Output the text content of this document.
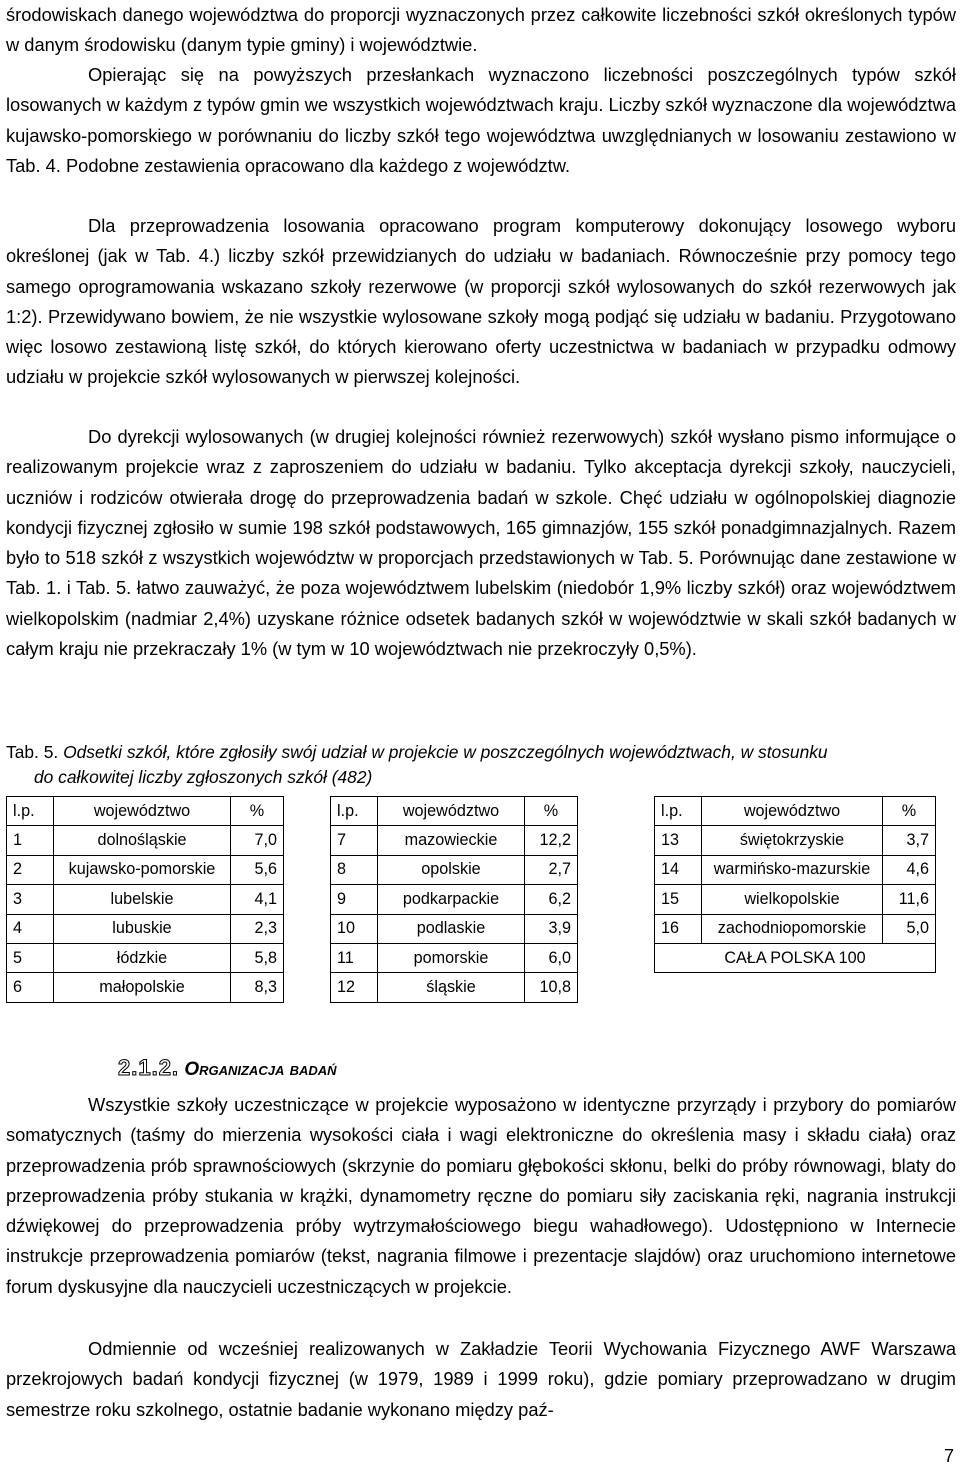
środowiskach danego województwa do proporcji wyznaczonych przez całkowite liczebności szkół określonych typów w danym środowisku (danym typie gminy) i województwie.

Opierając się na powyższych przesłankach wyznaczono liczebności poszczególnych typów szkół losowanych w każdym z typów gmin we wszystkich województwach kraju. Liczby szkół wyznaczone dla województwa kujawsko-pomorskiego w porównaniu do liczby szkół tego województwa uwzględnianych w losowaniu zestawiono w Tab. 4. Podobne zestawienia opracowano dla każdego z województw.

Dla przeprowadzenia losowania opracowano program komputerowy dokonujący losowego wyboru określonej (jak w Tab. 4.) liczby szkół przewidzianych do udziału w badaniach. Równocześnie przy pomocy tego samego oprogramowania wskazano szkoły rezerwowe (w proporcji szkół wylosowanych do szkół rezerwowych jak 1:2). Przewidywano bowiem, że nie wszystkie wylosowane szkoły mogą podjąć się udziału w badaniu. Przygotowano więc losowo zestawioną listę szkół, do których kierowano oferty uczestnictwa w badaniach w przypadku odmowy udziału w projekcie szkół wylosowanych w pierwszej kolejności.

Do dyrekcji wylosowanych (w drugiej kolejności również rezerwowych) szkół wysłano pismo informujące o realizowanym projekcie wraz z zaproszeniem do udziału w badaniu. Tylko akceptacja dyrekcji szkoły, nauczycieli, uczniów i rodziców otwierała drogę do przeprowadzenia badań w szkole. Chęć udziału w ogólnopolskiej diagnozie kondycji fizycznej zgłosiło w sumie 198 szkół podstawowych, 165 gimnazjów, 155 szkół ponadgimnazjalnych. Razem było to 518 szkół z wszystkich województw w proporcjach przedstawionych w Tab. 5. Porównując dane zestawione w Tab. 1. i Tab. 5. łatwo zauważyć, że poza województwem lubelskim (niedobór 1,9% liczby szkół) oraz województwem wielkopolskim (nadmiar 2,4%) uzyskane różnice odsetek badanych szkół w województwie w skali szkół badanych w całym kraju nie przekraczały 1% (w tym w 10 województwach nie przekroczyły 0,5%).

Tab. 5. Odsetki szkół, które zgłosiły swój udział w projekcie w poszczególnych województwach, w stosunku
do całkowitej liczby zgłoszonych szkół (482)

l.p.	województwo	%
1	dolnośląskie	7,0
2	kujawsko-pomorskie	5,6
3	lubelskie	4,1
4	lubuskie	2,3
5	łódzkie	5,8
6	małopolskie	8,3
l.p.	województwo	%
7	mazowieckie	12,2
8	opolskie	2,7
9	podkarpackie	6,2
10	podlaskie	3,9
11	pomorskie	6,0
12	śląskie	10,8
l.p.	województwo	%
13	świętokrzyskie	3,7
14	warmińsko-mazurskie	4,6
15	wielkopolskie	11,6
16	zachodniopomorskie	5,0
CAŁA POLSKA 100		
2.1.2. Organizacja badań

Wszystkie szkoły uczestniczące w projekcie wyposażono w identyczne przyrządy i przybory do pomiarów somatycznych (taśmy do mierzenia wysokości ciała i wagi elektroniczne do określenia masy i składu ciała) oraz przeprowadzenia prób sprawnościowych (skrzynie do pomiaru głębokości skłonu, belki do próby równowagi, blaty do przeprowadzenia próby stukania w krążki, dynamometry ręczne do pomiaru siły zaciskania ręki, nagrania instrukcji dźwiękowej do przeprowadzenia próby wytrzymałościowego biegu wahadłowego). Udostępniono w Internecie instrukcje przeprowadzenia pomiarów (tekst, nagrania filmowe i prezentacje slajdów) oraz uruchomiono internetowe forum dyskusyjne dla nauczycieli uczestniczących w projekcie.

Odmiennie od wcześniej realizowanych w Zakładzie Teorii Wychowania Fizycznego AWF Warszawa przekrojowych badań kondycji fizycznej (w 1979, 1989 i 1999 roku), gdzie pomiary przeprowadzano w drugim semestrze roku szkolnego, ostatnie badanie wykonano między paź-

7
